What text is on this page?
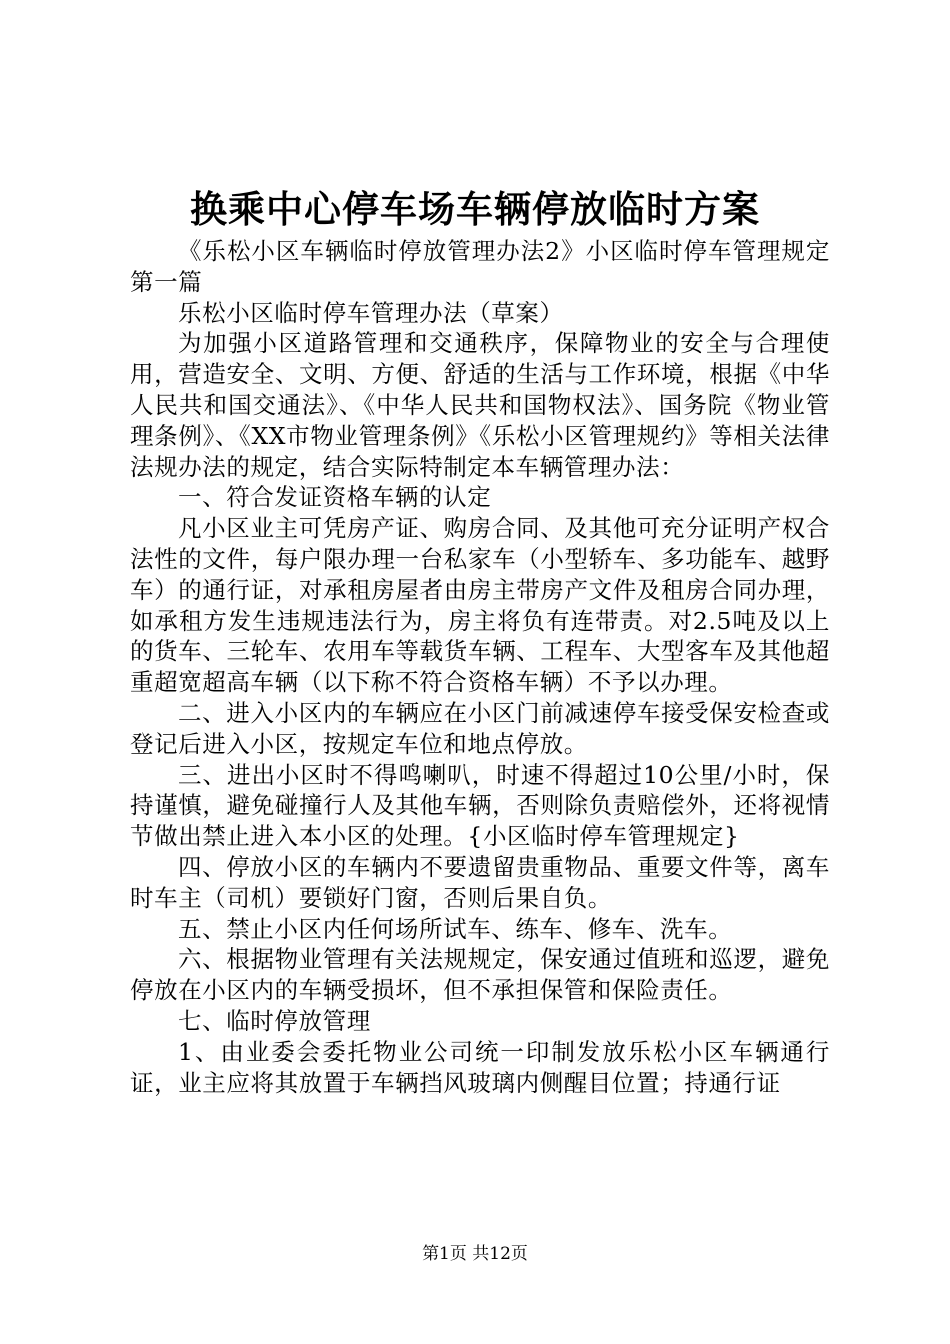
换乘中心停车场车辆停放临时方案

《乐松小区车辆临时停放管理办法2》小区临时停车管理规定第一篇

乐松小区临时停车管理办法（草案）

为加强小区道路管理和交通秩序，保障物业的安全与合理使用，营造安全、文明、方便、舒适的生活与工作环境，根据《中华人民共和国交通法》、《中华人民共和国物权法》、国务院《物业管理条例》、《XX市物业管理条例》《乐松小区管理规约》等相关法律法规办法的规定，结合实际特制定本车辆管理办法：

一、符合发证资格车辆的认定

凡小区业主可凭房产证、购房合同、及其他可充分证明产权合法性的文件，每户限办理一台私家车（小型轿车、多功能车、越野车）的通行证，对承租房屋者由房主带房产文件及租房合同办理，如承租方发生违规违法行为，房主将负有连带责。对2.5吨及以上的货车、三轮车、农用车等载货车辆、工程车、大型客车及其他超重超宽超高车辆（以下称不符合资格车辆）不予以办理。

二、进入小区内的车辆应在小区门前减速停车接受保安检查或登记后进入小区，按规定车位和地点停放。

三、进出小区时不得鸣喇叭，时速不得超过10公里/小时，保持谨慎，避免碰撞行人及其他车辆，否则除负责赔偿外，还将视情节做出禁止进入本小区的处理。{小区临时停车管理规定}

四、停放小区的车辆内不要遗留贵重物品、重要文件等，离车时车主（司机）要锁好门窗，否则后果自负。

五、禁止小区内任何场所试车、练车、修车、洗车。

六、根据物业管理有关法规规定，保安通过值班和巡逻，避免停放在小区内的车辆受损坏，但不承担保管和保险责任。

七、临时停放管理

1、由业委会委托物业公司统一印制发放乐松小区车辆通行证，业主应将其放置于车辆挡风玻璃内侧醒目位置；持通行证

第1页 共12页
